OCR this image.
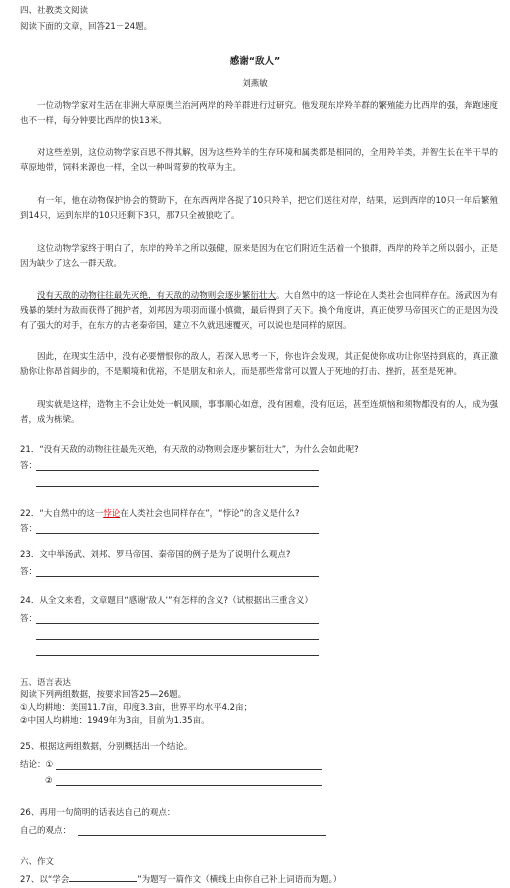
四、社教类文阅读
阅读下面的文章，回答21－24题。
感谢“敌人”
刘燕敏
一位动物学家对生活在非洲大草原奥兰治河两岸的羚羊群进行过研究。他发现东岸羚羊群的繁殖能力比西岸的强，奔跑速度也不一样，每分钟要比西岸的快13米。
对这些差别，这位动物学家百思不得其解，因为这些羚羊的生存环境和属类都是相同的，全用羚羊类，并智生长在半干旱的草原地带，饲料来源也一样，全以一种叫莺萝的牧草为主。
有一年，他在动物保护协会的赞助下，在东西两岸各捉了10只羚羊，把它们送往对岸，结果，运到西岸的10只一年后繁殖到14只，运到东岸的10只还剩下3只，那7只全被狼吃了。
这位动物学家终于明白了，东岸的羚羊之所以强健，原来是因为在它们附近生活着一个狼群，西岸的羚羊之所以弱小，正是因为缺少了这么一群天敌。
没有天敌的动物往往最先灭绝，有天敌的动物则会逐步繁衍壮大。大自然中的这一悖论在人类社会也同样存在。汤武因为有残暴的桀纣为敌而获得了拥护者，刘邦因为项羽而谨小慎微，最后得到了天下。换个角度讲，真正使罗马帝国灭亡的正是因为没有了强大的对手，在东方的古老秦帝国，建立不久就迅速覆灭，可以说也是同样的原因。
因此，在现实生活中，没有必要憎恨你的敌人，若深入思考一下，你也许会发现，其正促使你成功让你坚持到底的，真正激励你让你昂首阔步的，不是顺境和优裕，不是朋友和亲人，而是那些常常可以置人于死地的打击、挫折，甚至是死神。
现实就是这样，造物主不会让处处一帆风顺，事事顺心如意，没有困难，没有厄运，甚至连烦恼和须物都没有的人，成为强者，成为栋梁。
21．“没有天敌的动物往往最先灭绝，有天敌的动物则会逐步繁衍壮大”，为什么会如此呢?
答：
22．“大自然中的这一悖论在人类社会也同样存在”，“悖论”的含义是什么?
答：
23．文中举汤武、刘邦、罗马帝国、秦帝国的例子是为了说明什么观点?
答：
24．从全文来看，文章题目“感谢‘敌人’”有怎样的含义?（试根据出三重含义）
答：
五、语言表达
阅读下列两组数据，按要求回答25—26题。
①人均耕地：美国11.7亩，印度3.3亩，世界平均水平4.2亩；
②中国人均耕地：1949年为3亩，目前为1.35亩。
25、根据这两组数据，分别概括出一个结论。
结论：①
②
26、再用一句简明的话表达自己的观点：
自己的观点：
六、作文
27、以“学会	”为题写一篇作文（横线上由你自己补上词语而为题。）
